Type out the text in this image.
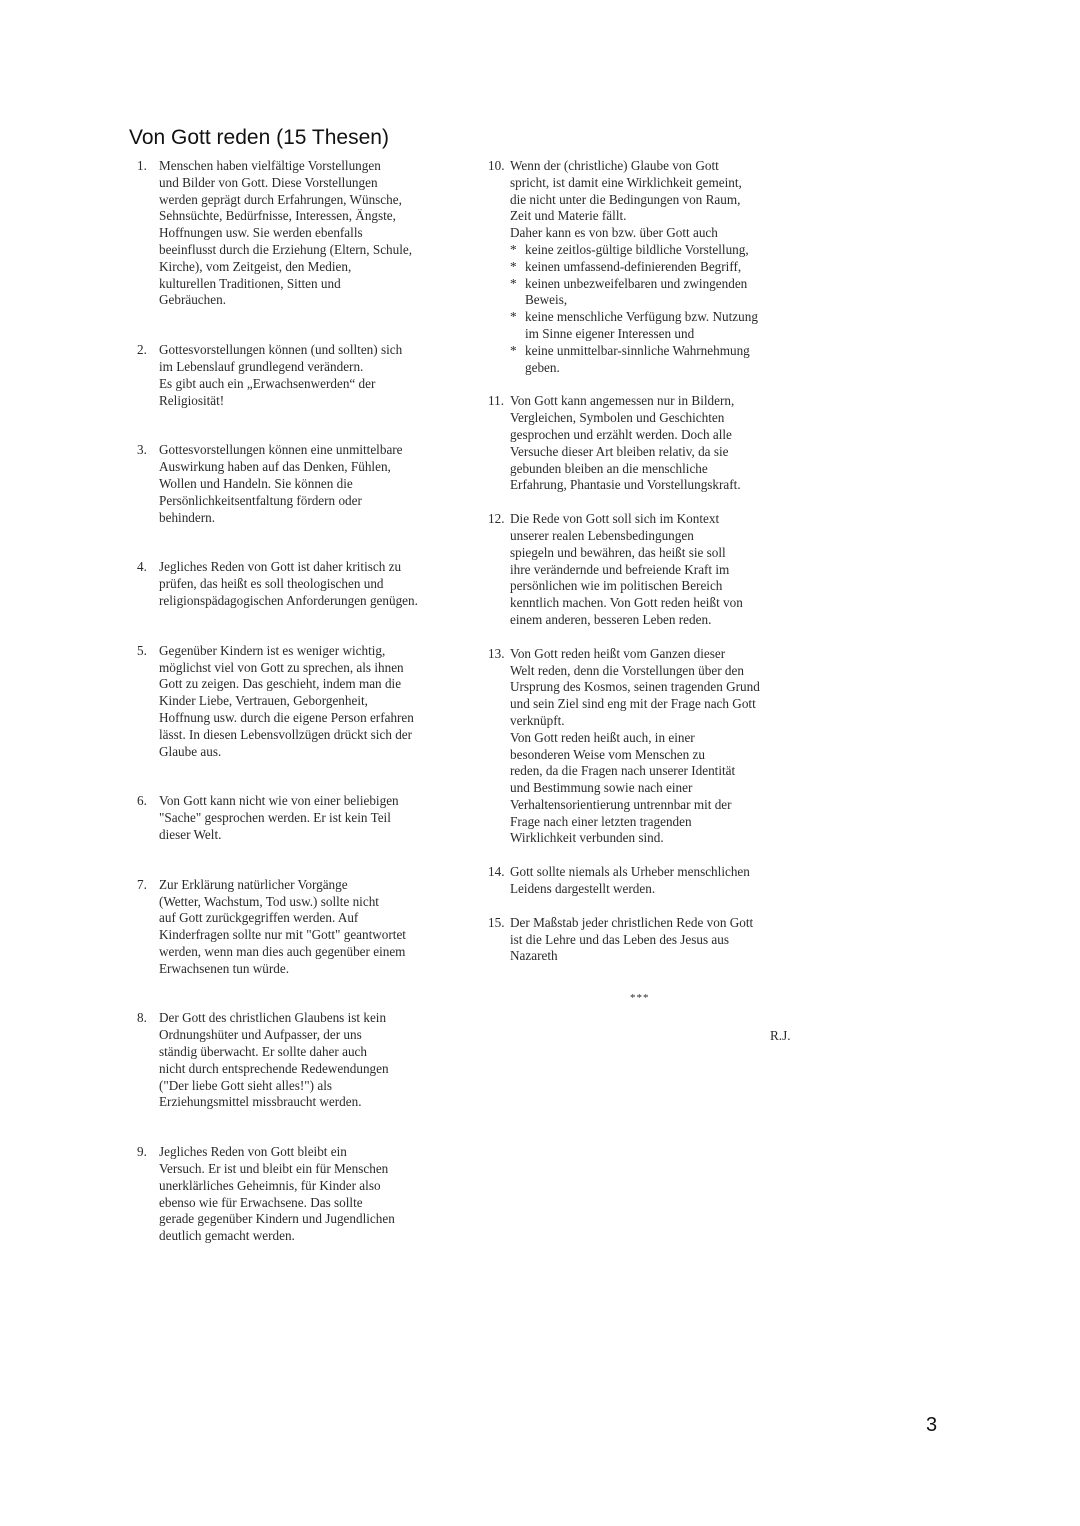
Von Gott reden (15 Thesen)
1. Menschen haben vielfältige Vorstellungen
und Bilder von Gott. Diese Vorstellungen
werden geprägt durch Erfahrungen, Wünsche,
Sehnsüchte, Bedürfnisse, Interessen, Ängste,
Hoffnungen usw. Sie werden ebenfalls
beeinflusst durch die Erziehung (Eltern, Schule,
Kirche), vom Zeitgeist, den Medien,
kulturellen Traditionen, Sitten und
Gebräuchen.

2. Gottesvorstellungen können (und sollten) sich
im Lebenslauf grundlegend verändern.
Es gibt auch ein „Erwachsenwerden“ der
Religiosität!

3. Gottesvorstellungen können eine unmittelbare
Auswirkung haben auf das Denken, Fühlen,
Wollen und Handeln. Sie können die
Persönlichkeitsentfaltung fördern oder
behindern.

4. Jegliches Reden von Gott ist daher kritisch zu
prüfen, das heißt es soll theologischen und
religionspädagogischen Anforderungen genügen.

5. Gegenüber Kindern ist es weniger wichtig,
möglichst viel von Gott zu sprechen, als ihnen
Gott zu zeigen. Das geschieht, indem man die
Kinder Liebe, Vertrauen, Geborgenheit,
Hoffnung usw. durch die eigene Person erfahren
lässt. In diesen Lebensvollzügen drückt sich der
Glaube aus.

6. Von Gott kann nicht wie von einer beliebigen
"Sache" gesprochen werden. Er ist kein Teil
dieser Welt.

7. Zur Erklärung natürlicher Vorgänge
(Wetter, Wachstum, Tod usw.) sollte nicht
auf Gott zurückgegriffen werden. Auf
Kinderfragen sollte nur mit "Gott" geantwortet
werden, wenn man dies auch gegenüber einem
Erwachsenen tun würde.

8. Der Gott des christlichen Glaubens ist kein
Ordnungshüter und Aufpasser, der uns
ständig überwacht. Er sollte daher auch
nicht durch entsprechende Redewendungen
("Der liebe Gott sieht alles!") als
Erziehungsmittel missbraucht werden.

9. Jegliches Reden von Gott bleibt ein
Versuch. Er ist und bleibt ein für Menschen
unerklärliches Geheimnis, für Kinder also
ebenso wie für Erwachsene. Das sollte
gerade gegenüber Kindern und Jugendlichen
deutlich gemacht werden.

10. Wenn der (christliche) Glaube von Gott
spricht, ist damit eine Wirklichkeit gemeint,
die nicht unter die Bedingungen von Raum,
Zeit und Materie fällt.
Daher kann es von bzw. über Gott auch

* keine zeitlos-gültige bildliche Vorstellung,
* keinen umfassend-definierenden Begriff,
* keinen unbezweifelbaren und zwingenden
Beweis,
* keine menschliche Verfügung bzw. Nutzung
im Sinne eigener Interessen und
* keine unmittelbar-sinnliche Wahrnehmung
geben.
11. Von Gott kann angemessen nur in Bildern,
Vergleichen, Symbolen und Geschichten
gesprochen und erzählt werden. Doch alle
Versuche dieser Art bleiben relativ, da sie
gebunden bleiben an die menschliche
Erfahrung, Phantasie und Vorstellungskraft.

12. Die Rede von Gott soll sich im Kontext
unserer realen Lebensbedingungen
spiegeln und bewähren, das heißt sie soll
ihre verändernde und befreiende Kraft im
persönlichen wie im politischen Bereich
kenntlich machen. Von Gott reden heißt von
einem anderen, besseren Leben reden.

13. Von Gott reden heißt vom Ganzen dieser
Welt reden, denn die Vorstellungen über den
Ursprung des Kosmos, seinen tragenden Grund
und sein Ziel sind eng mit der Frage nach Gott
verknüpft.
Von Gott reden heißt auch, in einer
besonderen Weise vom Menschen zu
reden, da die Fragen nach unserer Identität
und Bestimmung sowie nach einer
Verhaltensorientierung untrennbar mit der
Frage nach einer letzten tragenden
Wirklichkeit verbunden sind.

14. Gott sollte niemals als Urheber menschlichen
Leidens dargestellt werden.

15. Der Maßstab jeder christlichen Rede von Gott
ist die Lehre und das Leben des Jesus aus
Nazareth

***
R.J.
3
